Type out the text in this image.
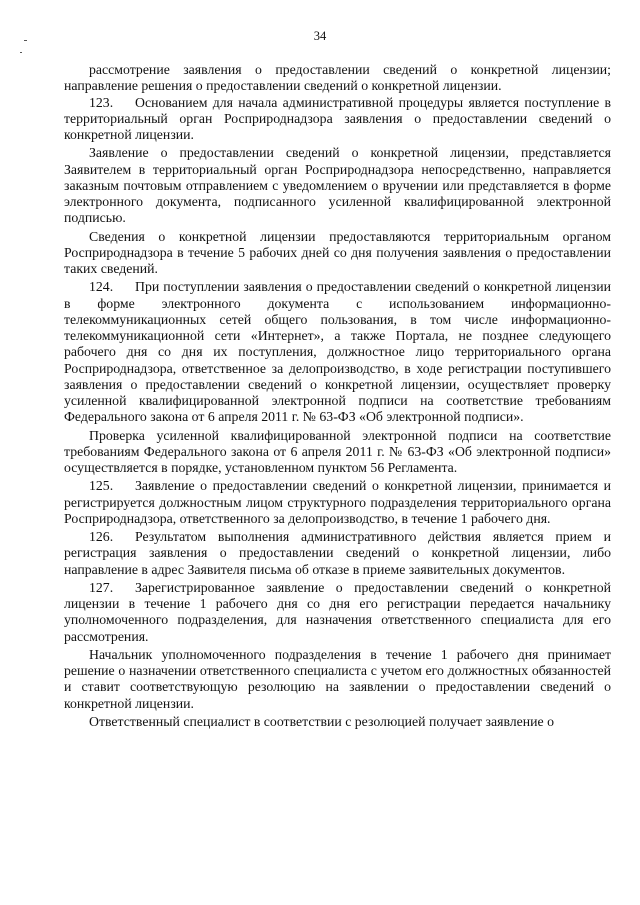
34

рассмотрение заявления о предоставлении сведений о конкретной лицензии; направление решения о предоставлении сведений о конкретной лицензии.

123. Основанием для начала административной процедуры является поступление в территориальный орган Росприроднадзора заявления о предоставлении сведений о конкретной лицензии.

Заявление о предоставлении сведений о конкретной лицензии, представляется Заявителем в территориальный орган Росприроднадзора непосредственно, направляется заказным почтовым отправлением с уведомлением о вручении или представляется в форме электронного документа, подписанного усиленной квалифицированной электронной подписью.

Сведения о конкретной лицензии предоставляются территориальным органом Росприроднадзора в течение 5 рабочих дней со дня получения заявления о предоставлении таких сведений.

124. При поступлении заявления о предоставлении сведений о конкретной лицензии в форме электронного документа с использованием информационно-телекоммуникационных сетей общего пользования, в том числе информационно-телекоммуникационной сети «Интернет», а также Портала, не позднее следующего рабочего дня со дня их поступления, должностное лицо территориального органа Росприроднадзора, ответственное за делопроизводство, в ходе регистрации поступившего заявления о предоставлении сведений о конкретной лицензии, осуществляет проверку усиленной квалифицированной электронной подписи на соответствие требованиям Федерального закона от 6 апреля 2011 г. № 63-ФЗ «Об электронной подписи».

Проверка усиленной квалифицированной электронной подписи на соответствие требованиям Федерального закона от 6 апреля 2011 г. № 63-ФЗ «Об электронной подписи» осуществляется в порядке, установленном пунктом 56 Регламента.

125. Заявление о предоставлении сведений о конкретной лицензии, принимается и регистрируется должностным лицом структурного подразделения территориального органа Росприроднадзора, ответственного за делопроизводство, в течение 1 рабочего дня.

126. Результатом выполнения административного действия является прием и регистрация заявления о предоставлении сведений о конкретной лицензии, либо направление в адрес Заявителя письма об отказе в приеме заявительных документов.

127. Зарегистрированное заявление о предоставлении сведений о конкретной лицензии в течение 1 рабочего дня со дня его регистрации передается начальнику уполномоченного подразделения, для назначения ответственного специалиста для его рассмотрения.

Начальник уполномоченного подразделения в течение 1 рабочего дня принимает решение о назначении ответственного специалиста с учетом его должностных обязанностей и ставит соответствующую резолюцию на заявлении о предоставлении сведений о конкретной лицензии.

Ответственный специалист в соответствии с резолюцией получает заявление о
